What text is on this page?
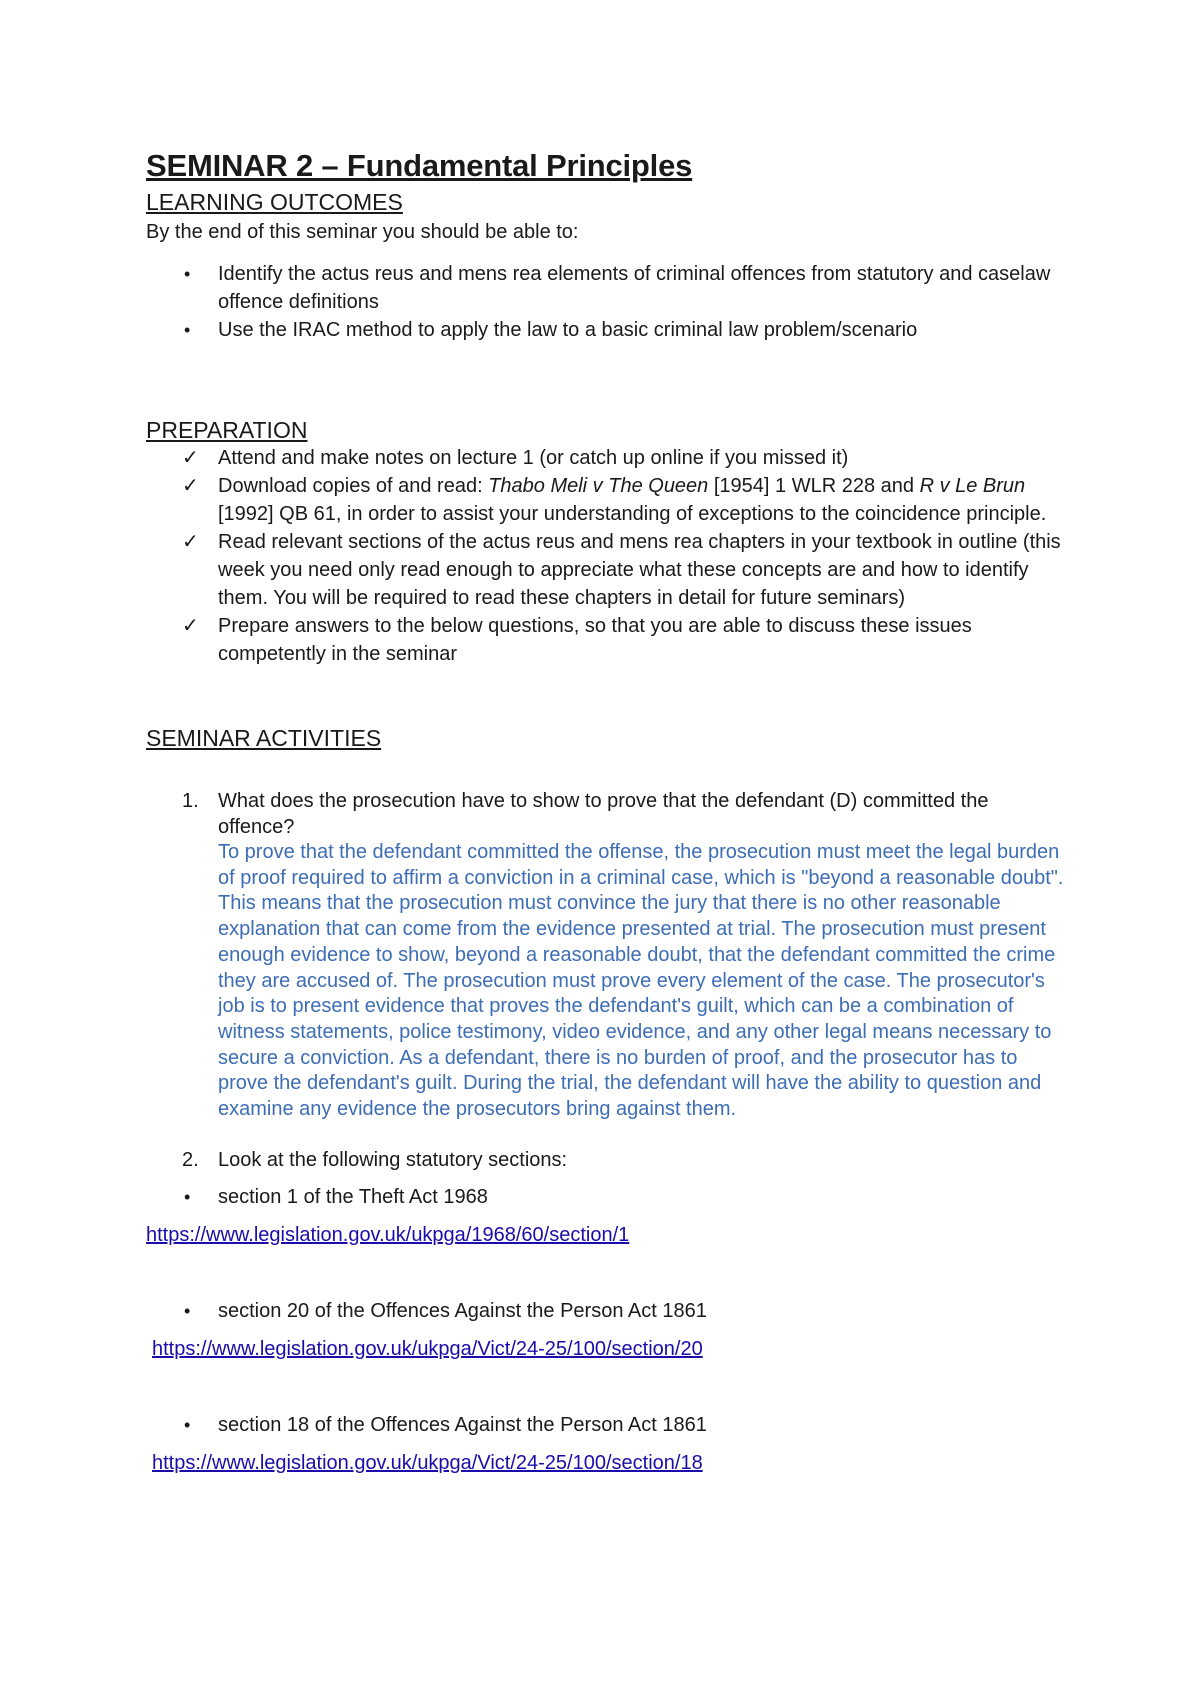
SEMINAR 2 – Fundamental Principles
LEARNING OUTCOMES

By the end of this seminar you should be able to:

• Identify the actus reus and mens rea elements of criminal offences from statutory and caselaw offence definitions
• Use the IRAC method to apply the law to a basic criminal law problem/scenario
PREPARATION
✓ Attend and make notes on lecture 1 (or catch up online if you missed it)
✓ Download copies of and read: Thabo Meli v The Queen [1954] 1 WLR 228 and R v Le Brun [1992] QB 61, in order to assist your understanding of exceptions to the coincidence principle.
✓ Read relevant sections of the actus reus and mens rea chapters in your textbook in outline (this week you need only read enough to appreciate what these concepts are and how to identify them. You will be required to read these chapters in detail for future seminars)
✓ Prepare answers to the below questions, so that you are able to discuss these issues competently in the seminar
SEMINAR ACTIVITIES
1. What does the prosecution have to show to prove that the defendant (D) committed the offence?
To prove that the defendant committed the offense, the prosecution must meet the legal burden of proof required to affirm a conviction in a criminal case, which is "beyond a reasonable doubt". This means that the prosecution must convince the jury that there is no other reasonable explanation that can come from the evidence presented at trial. The prosecution must present enough evidence to show, beyond a reasonable doubt, that the defendant committed the crime they are accused of. The prosecution must prove every element of the case. The prosecutor's job is to present evidence that proves the defendant's guilt, which can be a combination of witness statements, police testimony, video evidence, and any other legal means necessary to secure a conviction. As a defendant, there is no burden of proof, and the prosecutor has to prove the defendant's guilt. During the trial, the defendant will have the ability to question and examine any evidence the prosecutors bring against them.
2. Look at the following statutory sections:
• section 1 of the Theft Act 1968
https://www.legislation.gov.uk/ukpga/1968/60/section/1
• section 20 of the Offences Against the Person Act 1861
https://www.legislation.gov.uk/ukpga/Vict/24-25/100/section/20
• section 18 of the Offences Against the Person Act 1861
https://www.legislation.gov.uk/ukpga/Vict/24-25/100/section/18
